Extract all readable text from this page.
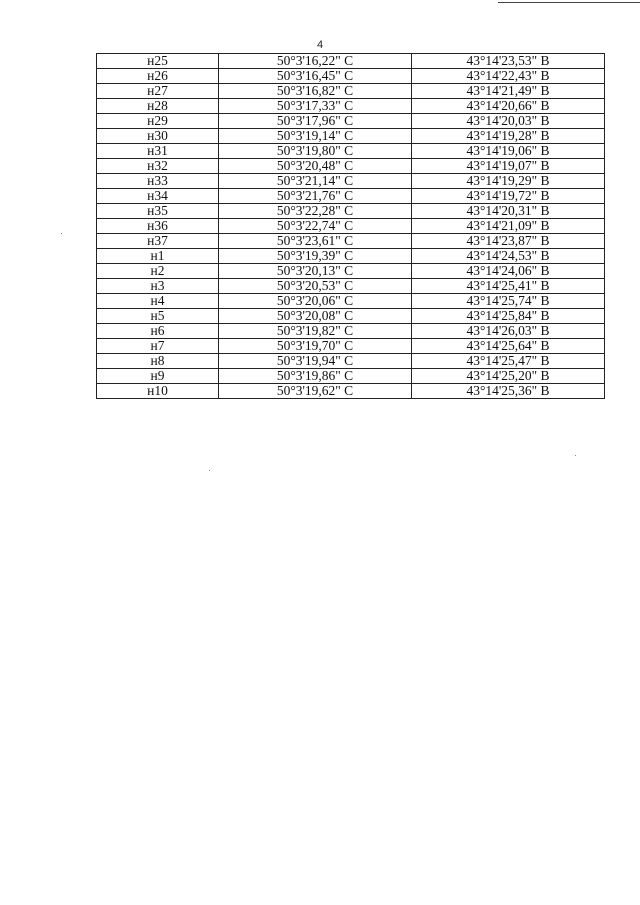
4
н25	50°3'16,22" С	43°14'23,53" В
н26	50°3'16,45" С	43°14'22,43" В
н27	50°3'16,82" С	43°14'21,49" В
н28	50°3'17,33" С	43°14'20,66" В
н29	50°3'17,96" С	43°14'20,03" В
н30	50°3'19,14" С	43°14'19,28" В
н31	50°3'19,80" С	43°14'19,06" В
н32	50°3'20,48" С	43°14'19,07" В
н33	50°3'21,14" С	43°14'19,29" В
н34	50°3'21,76" С	43°14'19,72" В
н35	50°3'22,28" С	43°14'20,31" В
н36	50°3'22,74" С	43°14'21,09" В
н37	50°3'23,61" С	43°14'23,87" В
н1	50°3'19,39" С	43°14'24,53" В
н2	50°3'20,13" С	43°14'24,06" В
н3	50°3'20,53" С	43°14'25,41" В
н4	50°3'20,06" С	43°14'25,74" В
н5	50°3'20,08" С	43°14'25,84" В
н6	50°3'19,82" С	43°14'26,03" В
н7	50°3'19,70" С	43°14'25,64" В
н8	50°3'19,94" С	43°14'25,47" В
н9	50°3'19,86" С	43°14'25,20" В
н10	50°3'19,62" С	43°14'25,36" В
